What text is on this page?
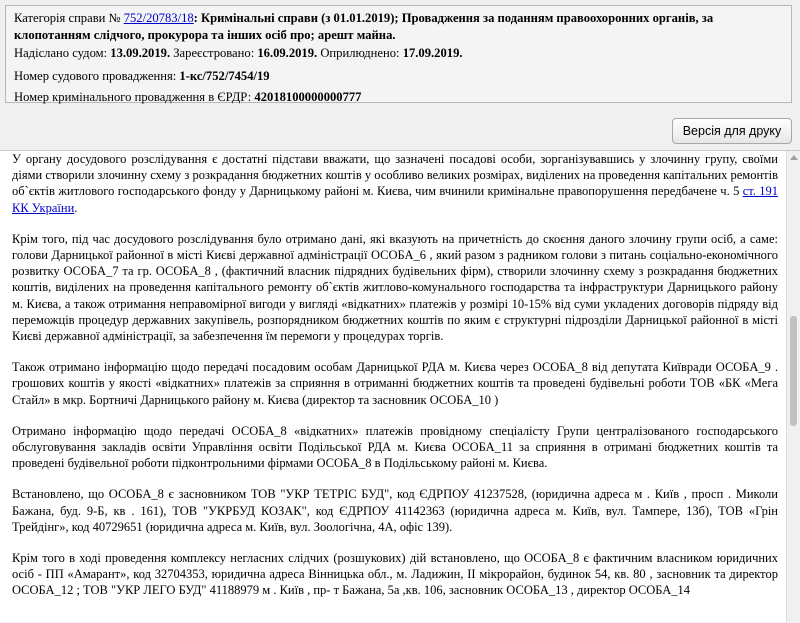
Категорія справи № 752/20783/18: Кримінальні справи (з 01.01.2019); Провадження за поданням правоохоронних органів, за клопотанням слідчого, прокурора та інших осіб про; арешт майна.
Надіслано судом: 13.09.2019. Зареєстровано: 16.09.2019. Оприлюднено: 17.09.2019.
Номер судового провадження: 1-кс/752/7454/19
Номер кримінального провадження в ЄРДР: 42018100000000777
Версія для друку

У органу досудового розслідування є достатні підстави вважати, що зазначені посадові особи, зорганізувавшись у злочинну групу, своїми діями створили злочинну схему з розкрадання бюджетних коштів у особливо великих розмірах, виділених на проведення капітальних ремонтів об`єктів житлового господарського фонду у Дарницькому районі м. Києва, чим вчинили кримінальне правопорушення передбачене ч. 5 ст. 191 КК України.

Крім того, під час досудового розслідування було отримано дані, які вказують на причетність до скоєння даного злочину групи осіб, а саме: голови Дарницької районної в місті Києві державної адміністрації ОСОБА_6 , який разом з радником голови з питань соціально-економічного розвитку ОСОБА_7 та гр. ОСОБА_8 , (фактичний власник підрядних будівельних фірм), створили злочинну схему з розкрадання бюджетних коштів, виділених на проведення капітального ремонту об`єктів житлово-комунального господарства та інфраструктури Дарницького району м. Києва, а також отримання неправомірної вигоди у вигляді «відкатних» платежів у розмірі 10-15% від суми укладених договорів підряду від переможців процедур державних закупівель, розпорядником бюджетних коштів по яким є структурні підрозділи Дарницької районної в місті Києві державної адміністрації, за забезпечення їм перемоги у процедурах торгів.

Також отримано інформацію щодо передачі посадовим особам Дарницької РДА м. Києва через ОСОБА_8 від депутата Київради ОСОБА_9 . грошових коштів у якості «відкатних» платежів за сприяння в отриманні бюджетних коштів та проведені будівельні роботи ТОВ «БК «Мега Стайл» в мкр. Бортничі Дарницького району м. Києва (директор та засновник ОСОБА_10 )

Отримано інформацію щодо передачі ОСОБА_8 «відкатних» платежів провідному спеціалісту Групи централізованого господарського обслуговування закладів освіти Управління освіти Подільської РДА м. Києва ОСОБА_11 за сприяння в отримані бюджетних коштів та проведені будівельної роботи підконтрольними фірмами ОСОБА_8 в Подільському районі м. Києва.

Встановлено, що ОСОБА_8 є засновником ТОВ "УКР ТЕТРІС БУД", код ЄДРПОУ 41237528, (юридична адреса м . Київ , просп . Миколи Бажана, буд. 9-Б, кв . 161), ТОВ "УКРБУД КОЗАК", код ЄДРПОУ 41142363 (юридична адреса м. Київ, вул. Тампере, 13б), ТОВ «Грін Трейдінг», код 40729651 (юридична адреса м. Київ, вул. Зоологічна, 4А, офіс 139).

Крім того в ході проведення комплексу негласних слідчих (розшукових) дій встановлено, що ОСОБА_8 є фактичним власником юридичних осіб - ПП «Амарант», код 32704353, юридична адреса Вінницька обл., м. Ладижин, II мікрорайон, будинок 54, кв. 80 , засновник та директор ОСОБА_12 ; ТОВ "УКР ЛЕГО БУД" 41188979 м . Київ , пр- т Бажана, 5а ,кв. 106, засновник ОСОБА_13 , директор ОСОБА_14
